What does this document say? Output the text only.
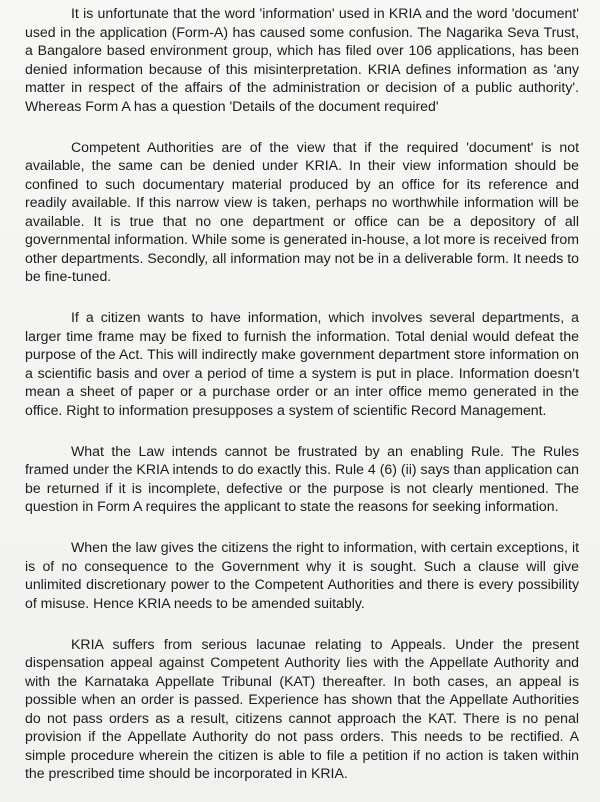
It is unfortunate that the word 'information' used in KRIA and the word 'document' used in the application (Form-A) has caused some confusion. The Nagarika Seva Trust, a Bangalore based environment group, which has filed over 106 applications, has been denied information because of this misinterpretation. KRIA defines information as 'any matter in respect of the affairs of the administration or decision of a public authority'. Whereas Form A has a question 'Details of the document required'

Competent Authorities are of the view that if the required 'document' is not available, the same can be denied under KRIA. In their view information should be confined to such documentary material produced by an office for its reference and readily available. If this narrow view is taken, perhaps no worthwhile information will be available. It is true that no one department or office can be a depository of all governmental information. While some is generated in-house, a lot more is received from other departments. Secondly, all information may not be in a deliverable form. It needs to be fine-tuned.

If a citizen wants to have information, which involves several departments, a larger time frame may be fixed to furnish the information. Total denial would defeat the purpose of the Act. This will indirectly make government department store information on a scientific basis and over a period of time a system is put in place. Information doesn't mean a sheet of paper or a purchase order or an inter office memo generated in the office. Right to information presupposes a system of scientific Record Management.

What the Law intends cannot be frustrated by an enabling Rule. The Rules framed under the KRIA intends to do exactly this. Rule 4 (6) (ii) says than application can be returned if it is incomplete, defective or the purpose is not clearly mentioned. The question in Form A requires the applicant to state the reasons for seeking information.

When the law gives the citizens the right to information, with certain exceptions, it is of no consequence to the Government why it is sought. Such a clause will give unlimited discretionary power to the Competent Authorities and there is every possibility of misuse. Hence KRIA needs to be amended suitably.

KRIA suffers from serious lacunae relating to Appeals. Under the present dispensation appeal against Competent Authority lies with the Appellate Authority and with the Karnataka Appellate Tribunal (KAT) thereafter. In both cases, an appeal is possible when an order is passed. Experience has shown that the Appellate Authorities do not pass orders as a result, citizens cannot approach the KAT. There is no penal provision if the Appellate Authority do not pass orders. This needs to be rectified. A simple procedure wherein the citizen is able to file a petition if no action is taken within the prescribed time should be incorporated in KRIA.
